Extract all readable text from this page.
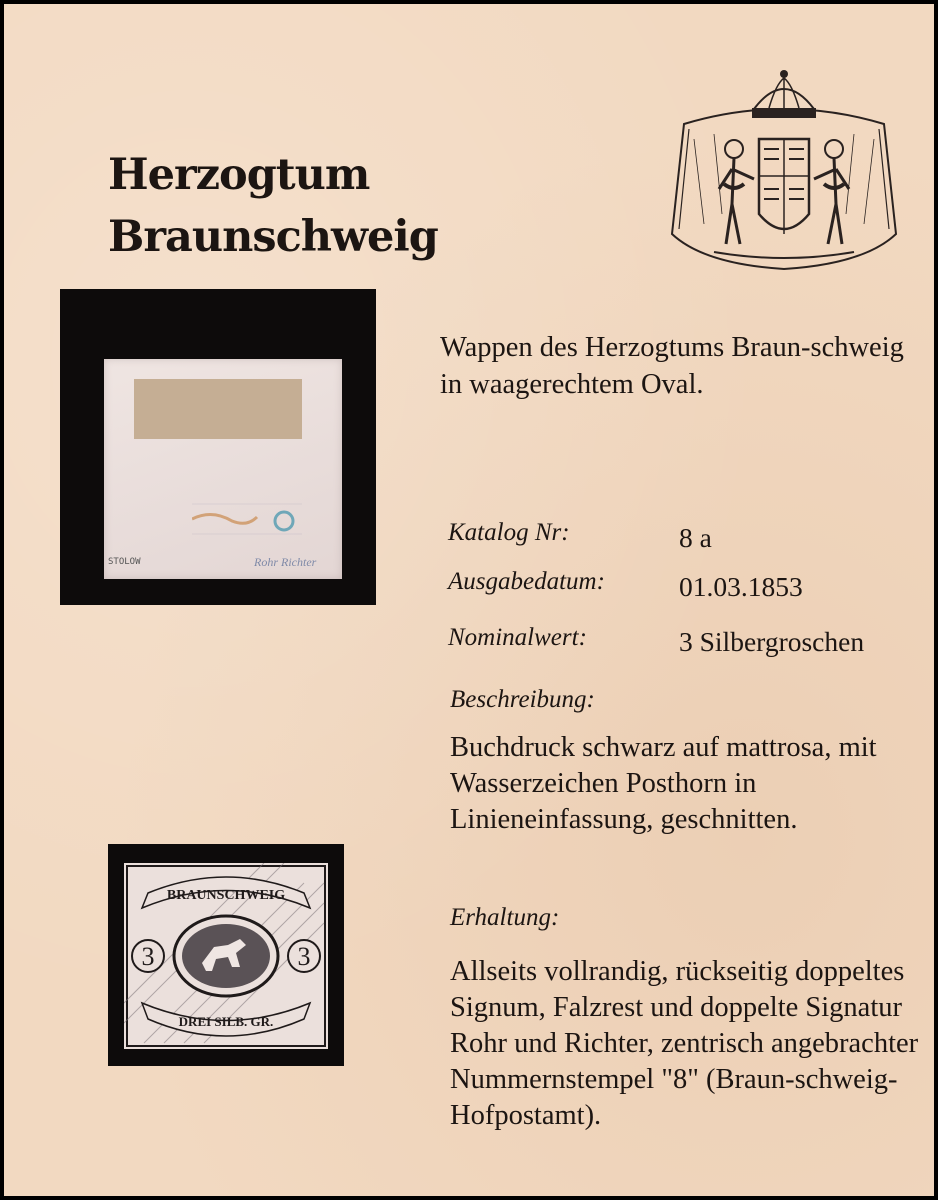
Herzogtum
Braunschweig
STOLOW	Rohr Richter
BRAUNSCHWEIG
DREI SILB. GR.
3	3
Wappen des Herzogtums Braun-schweig in waagerechtem Oval.
Katalog Nr:	8 a
Ausgabedatum:	01.03.1853
Nominalwert:	3 Silbergroschen
Beschreibung:
Buchdruck schwarz auf mattrosa, mit Wasserzeichen Posthorn in Linieneinfassung, geschnitten.
Erhaltung:
Allseits vollrandig, rückseitig doppeltes Signum, Falzrest und doppelte Signatur Rohr und Richter, zentrisch angebrachter Nummernstempel "8" (Braun-schweig-Hofpostamt).
